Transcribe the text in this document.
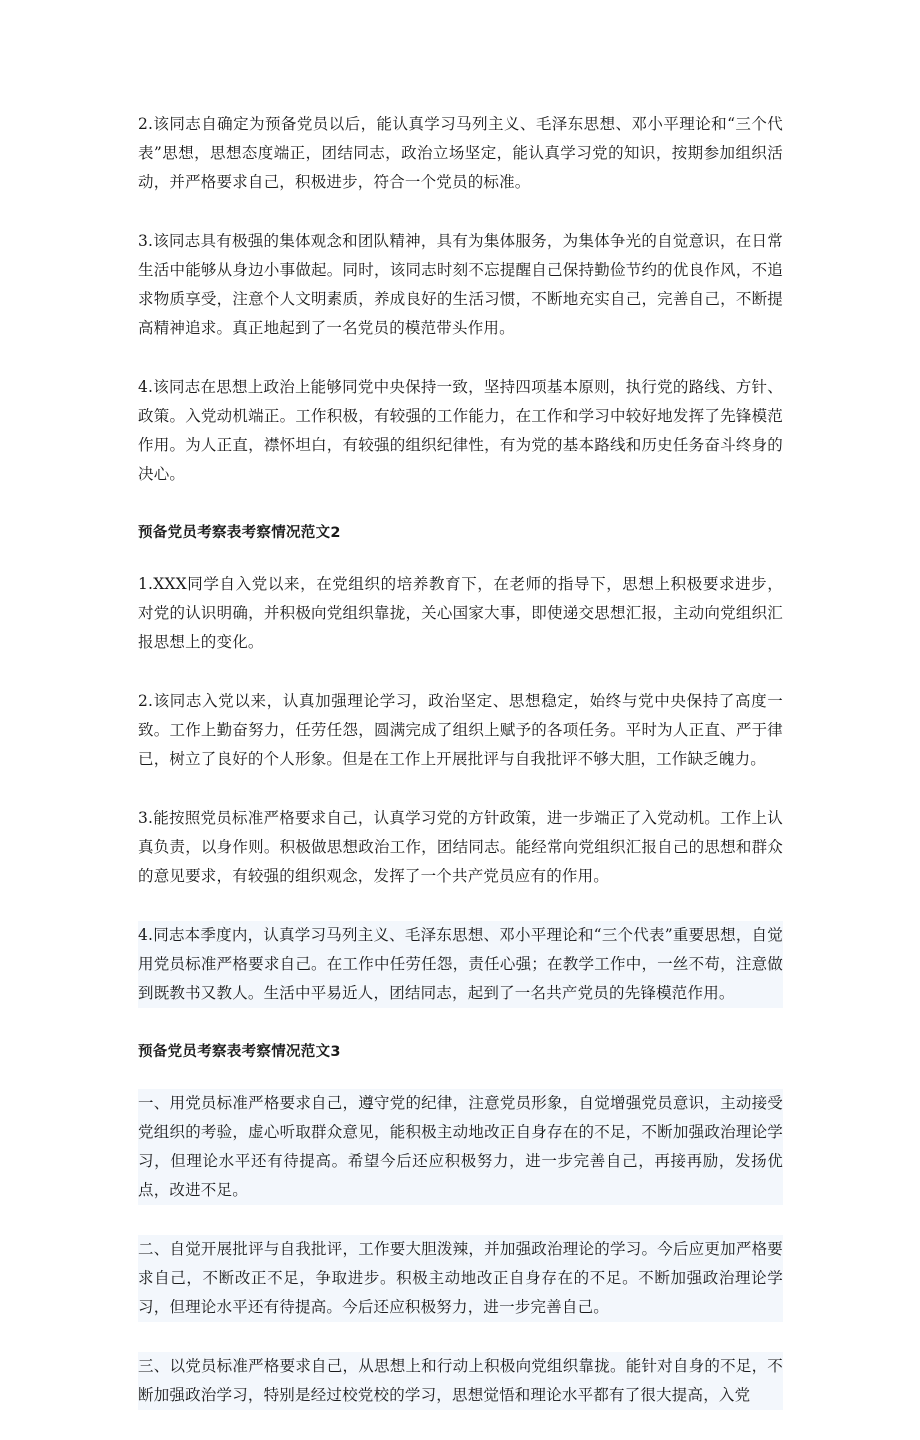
2.该同志自确定为预备党员以后，能认真学习马列主义、毛泽东思想、邓小平理论和“三个代表”思想，思想态度端正，团结同志，政治立场坚定，能认真学习党的知识，按期参加组织活动，并严格要求自己，积极进步，符合一个党员的标准。

3.该同志具有极强的集体观念和团队精神，具有为集体服务，为集体争光的自觉意识，在日常生活中能够从身边小事做起。同时，该同志时刻不忘提醒自己保持勤俭节约的优良作风，不追求物质享受，注意个人文明素质，养成良好的生活习惯，不断地充实自己，完善自己，不断提高精神追求。真正地起到了一名党员的模范带头作用。

4.该同志在思想上政治上能够同党中央保持一致，坚持四项基本原则，执行党的路线、方针、政策。入党动机端正。工作积极，有较强的工作能力，在工作和学习中较好地发挥了先锋模范作用。为人正直，襟怀坦白，有较强的组织纪律性，有为党的基本路线和历史任务奋斗终身的决心。

预备党员考察表考察情况范文2

1.XXX同学自入党以来，在党组织的培养教育下，在老师的指导下，思想上积极要求进步，对党的认识明确，并积极向党组织靠拢，关心国家大事，即使递交思想汇报，主动向党组织汇报思想上的变化。

2.该同志入党以来，认真加强理论学习，政治坚定、思想稳定，始终与党中央保持了高度一致。工作上勤奋努力，任劳任怨，圆满完成了组织上赋予的各项任务。平时为人正直、严于律已，树立了良好的个人形象。但是在工作上开展批评与自我批评不够大胆，工作缺乏魄力。

3.能按照党员标准严格要求自己，认真学习党的方针政策，进一步端正了入党动机。工作上认真负责，以身作则。积极做思想政治工作，团结同志。能经常向党组织汇报自己的思想和群众的意见要求，有较强的组织观念，发挥了一个共产党员应有的作用。

4.同志本季度内，认真学习马列主义、毛泽东思想、邓小平理论和“三个代表”重要思想，自觉用党员标准严格要求自己。在工作中任劳任怨，责任心强；在教学工作中，一丝不苟，注意做到既教书又教人。生活中平易近人，团结同志，起到了一名共产党员的先锋模范作用。

预备党员考察表考察情况范文3

一、用党员标准严格要求自己，遵守党的纪律，注意党员形象，自觉增强党员意识，主动接受党组织的考验，虚心听取群众意见，能积极主动地改正自身存在的不足，不断加强政治理论学习，但理论水平还有待提高。希望今后还应积极努力，进一步完善自己，再接再励，发扬优点，改进不足。

二、自觉开展批评与自我批评，工作要大胆泼辣，并加强政治理论的学习。今后应更加严格要求自己，不断改正不足，争取进步。积极主动地改正自身存在的不足。不断加强政治理论学习，但理论水平还有待提高。今后还应积极努力，进一步完善自己。

三、以党员标准严格要求自己，从思想上和行动上积极向党组织靠拢。能针对自身的不足，不断加强政治学习，特别是经过校党校的学习，思想觉悟和理论水平都有了很大提高，入党
